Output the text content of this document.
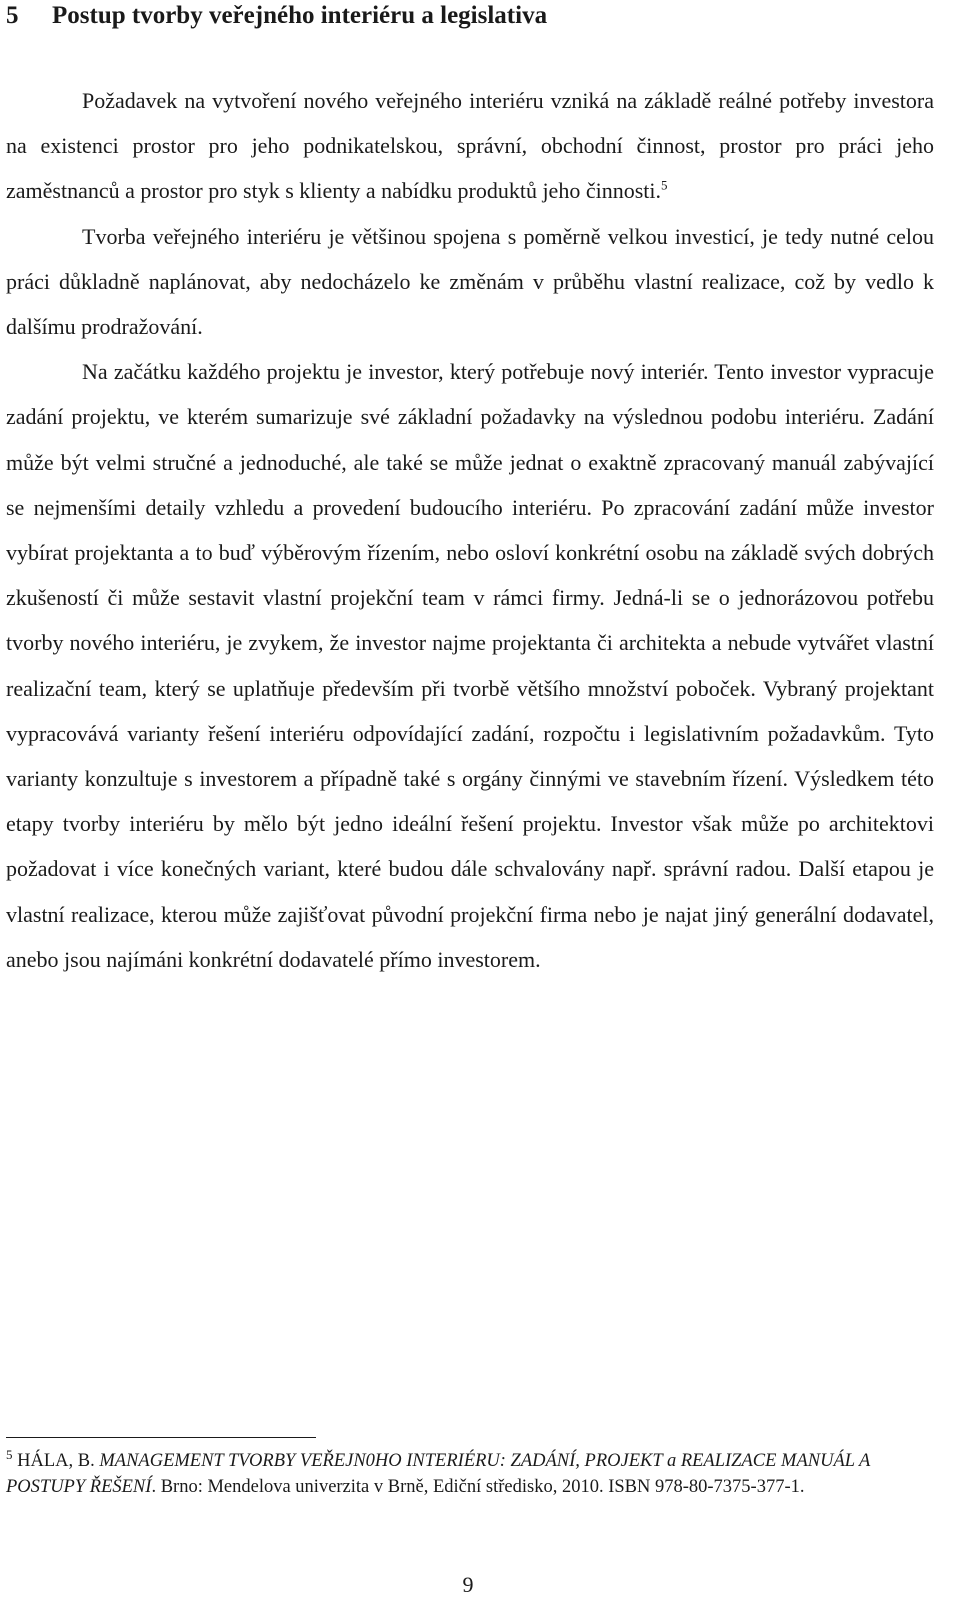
5 Postup tvorby veřejného interiéru a legislativa

Požadavek na vytvoření nového veřejného interiéru vzniká na základě reálné potřeby investora na existenci prostor pro jeho podnikatelskou, správní, obchodní činnost, prostor pro práci jeho zaměstnanců a prostor pro styk s klienty a nabídku produktů jeho činnosti.$^5$

Tvorba veřejného interiéru je většinou spojena s poměrně velkou investicí, je tedy nutné celou práci důkladně naplánovat, aby nedocházelo ke změnám v průběhu vlastní realizace, což by vedlo k dalšímu prodražování.

Na začátku každého projektu je investor, který potřebuje nový interiér. Tento investor vypracuje zadání projektu, ve kterém sumarizuje své základní požadavky na výslednou podobu interiéru. Zadání může být velmi stručné a jednoduché, ale také se může jednat o exaktně zpracovaný manuál zabývající se nejmenšími detaily vzhledu a provedení budoucího interiéru. Po zpracování zadání může investor vybírat projektanta a to buď výběrovým řízením, nebo osloví konkrétní osobu na základě svých dobrých zkušeností či může sestavit vlastní projekční team v rámci firmy. Jedná-li se o jednorázovou potřebu tvorby nového interiéru, je zvykem, že investor najme projektanta či architekta a nebude vytvářet vlastní realizační team, který se uplatňuje především při tvorbě většího množství poboček. Vybraný projektant vypracovává varianty řešení interiéru odpovídající zadání, rozpočtu i legislativním požadavkům. Tyto varianty konzultuje s investorem a případně také s orgány činnými ve stavebním řízení. Výsledkem této etapy tvorby interiéru by mělo být jedno ideální řešení projektu. Investor však může po architektovi požadovat i více konečných variant, které budou dále schvalovány např. správní radou. Další etapou je vlastní realizace, kterou může zajišťovat původní projekční firma nebo je najat jiný generální dodavatel, anebo jsou najímáni konkrétní dodavatelé přímo investorem.

$^5$ HÁLA, B. MANAGEMENT TVORBY VEŘEJN0HO INTERIÉRU: ZADÁNÍ, PROJEKT a REALIZACE MANUÁL A POSTUPY ŘEŠENÍ. Brno: Mendelova univerzita v Brně, Ediční středisko, 2010. ISBN 978-80-7375-377-1.

9
